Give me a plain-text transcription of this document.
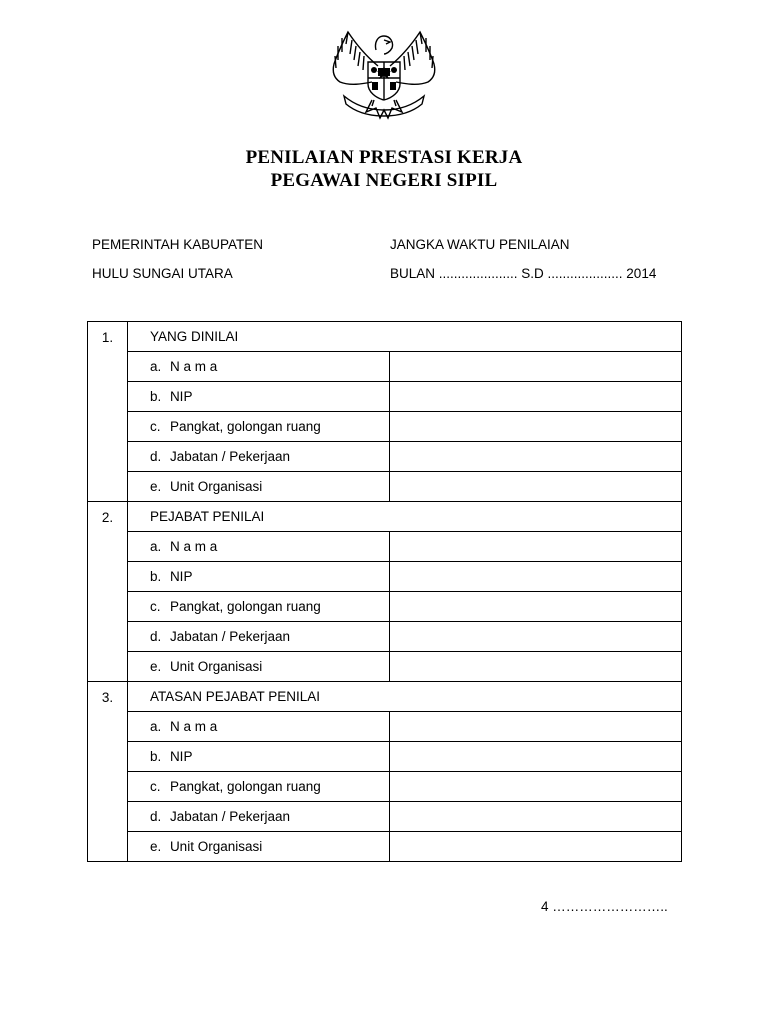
PENILAIAN PRESTASI KERJA
PEGAWAI NEGERI SIPIL
PEMERINTAH KABUPATEN
HULU SUNGAI UTARA
JANGKA WAKTU PENILAIAN
BULAN ..................... S.D .................... 2014
1.	YANG DINILAI	
	a. N a m a	
	b. NIP	
	c. Pangkat, golongan ruang	
	d. Jabatan / Pekerjaan	
	e. Unit Organisasi	
2.	PEJABAT PENILAI	
	a. N a m a	
	b. NIP	
	c. Pangkat, golongan ruang	
	d. Jabatan / Pekerjaan	
	e. Unit Organisasi	
3.	ATASAN PEJABAT PENILAI	
	a. N a m a	
	b. NIP	
	c. Pangkat, golongan ruang	
	d. Jabatan / Pekerjaan	
	e. Unit Organisasi	
4 ……………………..
